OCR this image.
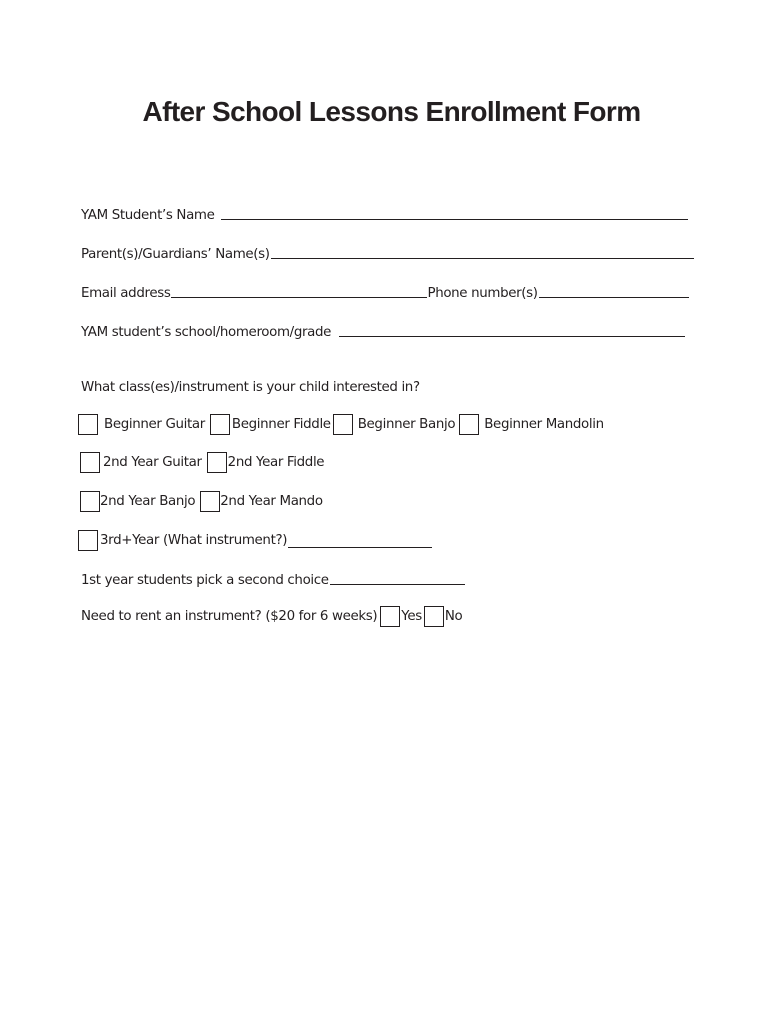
After School Lessons Enrollment Form
YAM Student’s Name
Parent(s)/Guardians’ Name(s)
Email address	Phone number(s)
YAM student’s school/homeroom/grade
What class(es)/instrument is your child interested in?
Beginner Guitar Beginner Fiddle Beginner Banjo Beginner Mandolin
2nd Year Guitar 2nd Year Fiddle
2nd Year Banjo 2nd Year Mando
3rd+Year (What instrument?)
1st year students pick a second choice
Need to rent an instrument? ($20 for 6 weeks) Yes No
